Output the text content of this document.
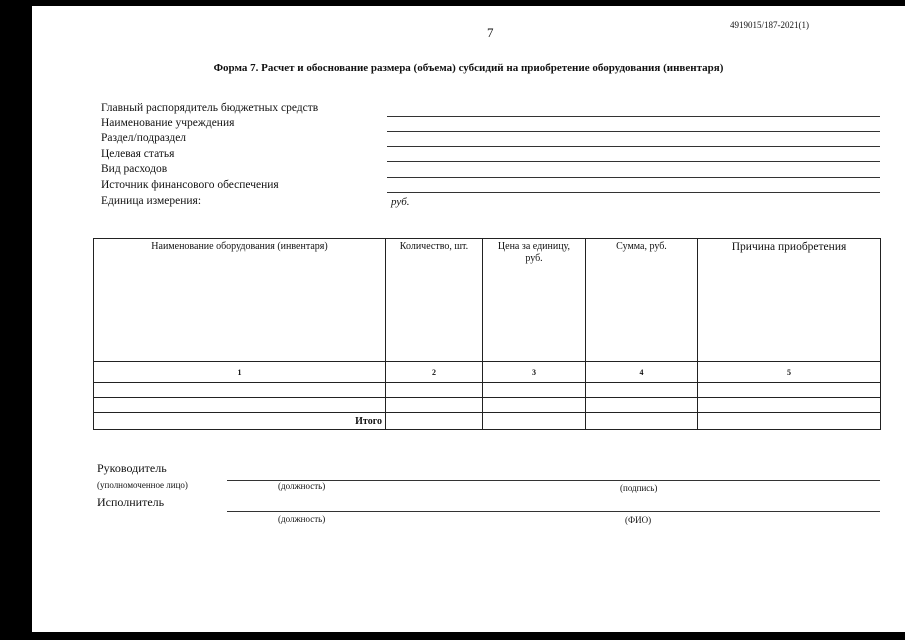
7	4919015/187-2021(1)
Форма 7. Расчет и обоснование размера (объема) субсидий на приобретение оборудования (инвентаря)
Главный распорядитель бюджетных средств
Наименование учреждения
Раздел/подраздел
Целевая статья
Вид расходов
Источник финансового обеспечения
Единица измерения:	руб.
Наименование оборудования (инвентаря)	Количество, шт.	Цена за единицу, руб.	Сумма, руб.	Причина приобретения
1	2	3	4	5

Итого				
Руководитель
(уполномоченное лицо)	(должность)	(подпись)
Исполнитель
(должность)	(ФИО)
